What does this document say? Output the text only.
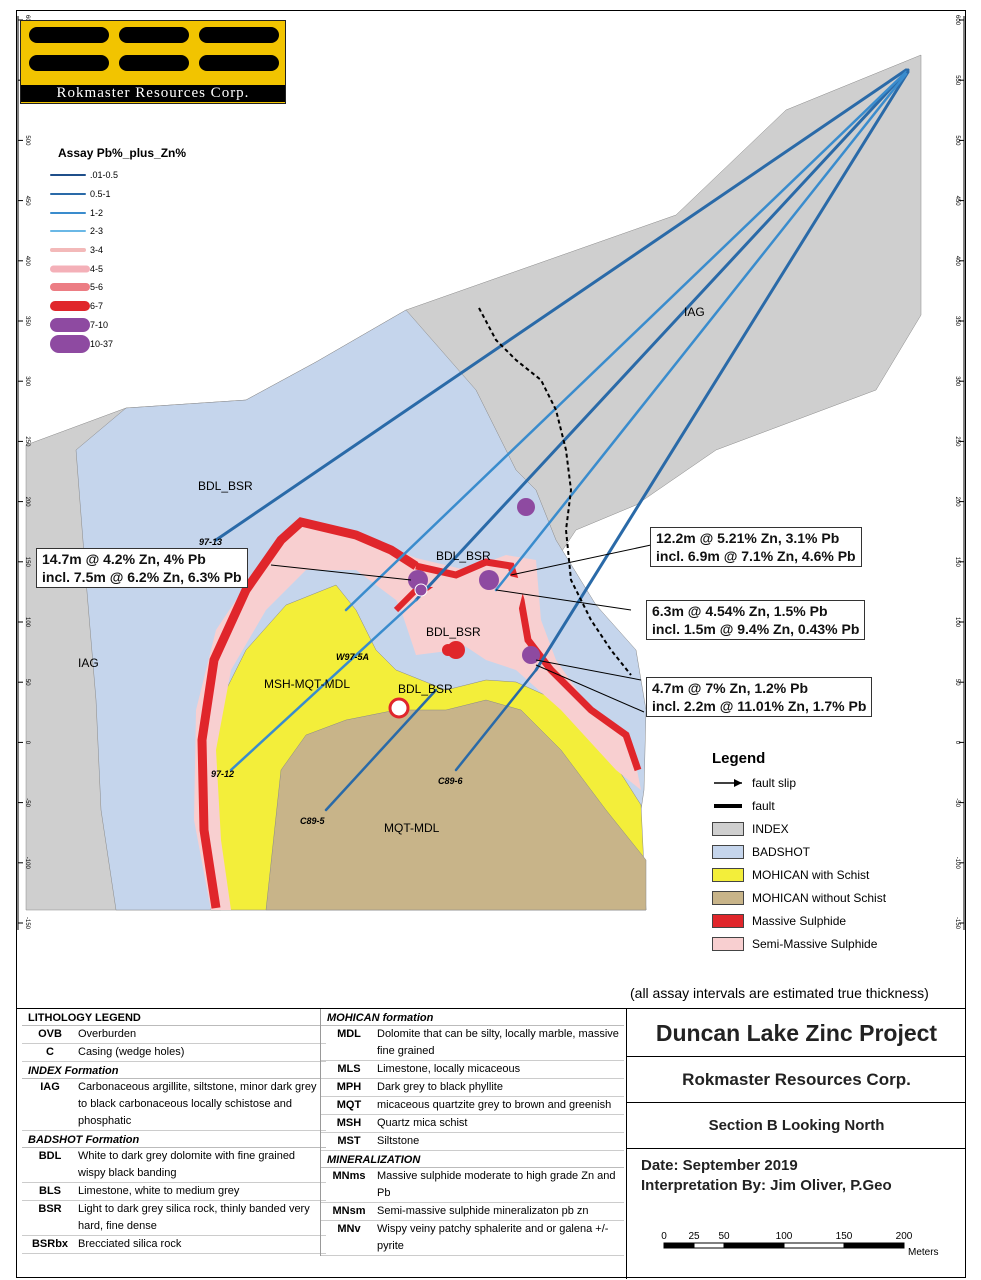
500
450
400
350
300
250
200
150
100
50
0
-50
-100
-150
600
550
500
450
400
350
300
250
200
150
100
50
0
-50
-100
-150
IAG
IAG
BDL_BSR
BDL_BSR
BDL_BSR
BDL_BSR
MSH-MQT-MDL
MQT-MDL
97-13
W97-5A
97-12
C89-5
C89-6
Rokmaster Resources Corp.
Assay Pb%_plus_Zn%
.01-0.5
0.5-1
1-2
2-3
3-4
4-5
5-6
6-7
7-10
10-37
14.7m @ 4.2% Zn, 4% Pb
incl. 7.5m @ 6.2% Zn, 6.3% Pb
12.2m @ 5.21% Zn, 3.1% Pb
incl. 6.9m @ 7.1% Zn, 4.6% Pb
6.3m @ 4.54% Zn, 1.5% Pb
incl. 1.5m @ 9.4% Zn, 0.43% Pb
4.7m @ 7% Zn, 1.2% Pb
incl. 2.2m @ 11.01% Zn, 1.7% Pb
Legend
fault slip
fault
INDEX
BADSHOT
MOHICAN with Schist
MOHICAN without Schist
Massive Sulphide
Semi-Massive Sulphide
(all assay intervals are estimated true thickness)
LITHOLOGY LEGEND
OVB	Overburden
C	Casing (wedge holes)
INDEX Formation
IAG	Carbonaceous argillite, siltstone, minor dark grey to black carbonaceous locally schistose and phosphatic
BADSHOT Formation
BDL	White to dark grey dolomite with fine grained wispy black banding
BLS	Limestone, white to medium grey
BSR	Light to dark grey silica rock, thinly banded very hard, fine dense
BSRbx Brecciated silica rock
MOHICAN formation
MDL	Dolomite that can be silty, locally marble, massive fine grained
MLS	Limestone, locally micaceous
MPH	Dark grey to black phyllite
MQT	micaceous quartzite grey to brown and greenish
MSH	Quartz mica schist
MST	Siltstone
MINERALIZATION
MNms	Massive sulphide moderate to high grade Zn and Pb
MNsm	Semi-massive sulphide mineralizaton pb zn
MNv	Wispy veiny patchy sphalerite and or galena +/- pyrite
Duncan Lake Zinc Project
Rokmaster Resources Corp.
Section B Looking North
Date: September 2019
Interpretation By: Jim Oliver, P.Geo
0 25 50	100	150	200
Meters
